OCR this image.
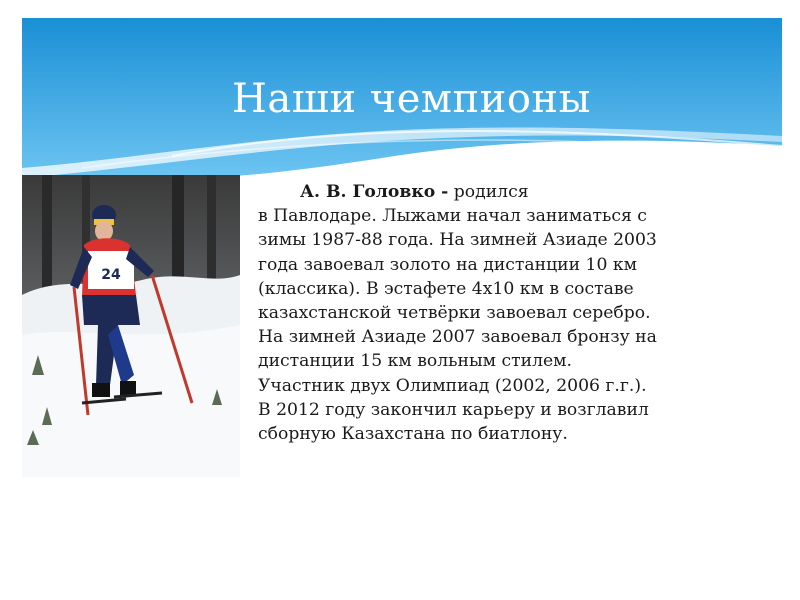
Наши чемпионы
24
А. В. Головко - родился
в Павлодаре. Лыжами начал заниматься с
зимы 1987-88 года. На зимней Азиаде 2003
года завоевал золото на дистанции 10 км
(классика). В эстафете 4х10 км в составе
казахстанской четвёрки завоевал серебро.
На зимней Азиаде 2007 завоевал бронзу на
дистанции 15 км вольным стилем.
Участник двух Олимпиад (2002, 2006 г.г.).
В 2012 году закончил карьеру и возглавил
сборную Казахстана по биатлону.
